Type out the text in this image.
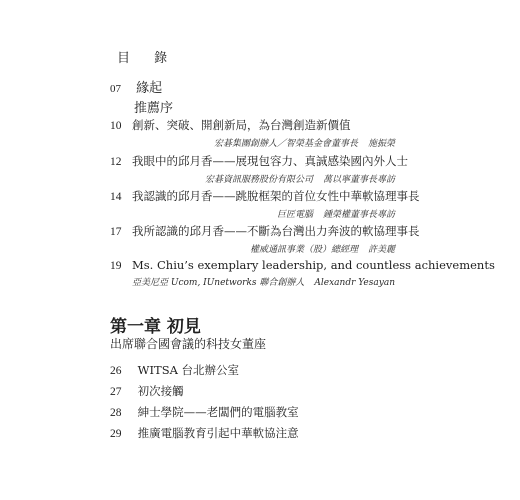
目 錄
07 緣起
推薦序
10 創新、突破、開創新局，為台灣創造新價值
宏碁集團創辦人／智榮基金會董事長 施振榮
12 我眼中的邱月香——展現包容力、真誠感染國內外人士
宏碁資訊服務股份有限公司 萬以寧董事長專訪
14 我認識的邱月香——跳脫框架的首位女性中華軟協理事長
巨匠電腦 鍾榮權董事長專訪
17 我所認識的邱月香——不斷為台灣出力奔波的軟協理事長
權威通訊事業（股）總經理 許美麗
19 Ms. Chiu’s exemplary leadership, and countless achievements
亞美尼亞 Ucom, IUnetworks 聯合創辦人 Alexandr Yesayan
第一章 初見
出席聯合國會議的科技女董座
26 WITSA 台北辦公室
27 初次接觸
28 紳士學院——老闆們的電腦教室
29 推廣電腦教育引起中華軟協注意
